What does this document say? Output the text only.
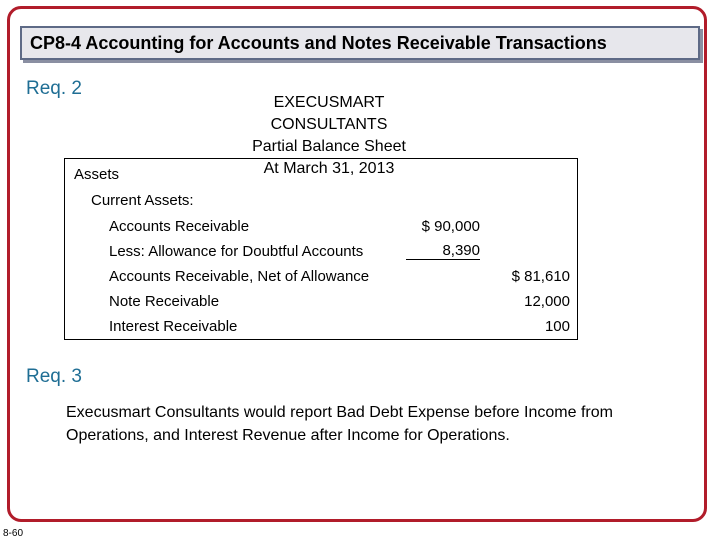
CP8-4 Accounting for Accounts and Notes Receivable Transactions
Req. 2
EXECUSMART
CONSULTANTS
Partial Balance Sheet
At March 31, 2013
Assets
Current Assets:
Accounts Receivable	$ 90,000
Less: Allowance for Doubtful Accounts	8,390
Accounts Receivable, Net of Allowance	$ 81,610
Note Receivable	12,000
Interest Receivable	100
Req. 3
Execusmart Consultants would report Bad Debt Expense before Income from Operations, and Interest Revenue after Income for Operations.
8-60
